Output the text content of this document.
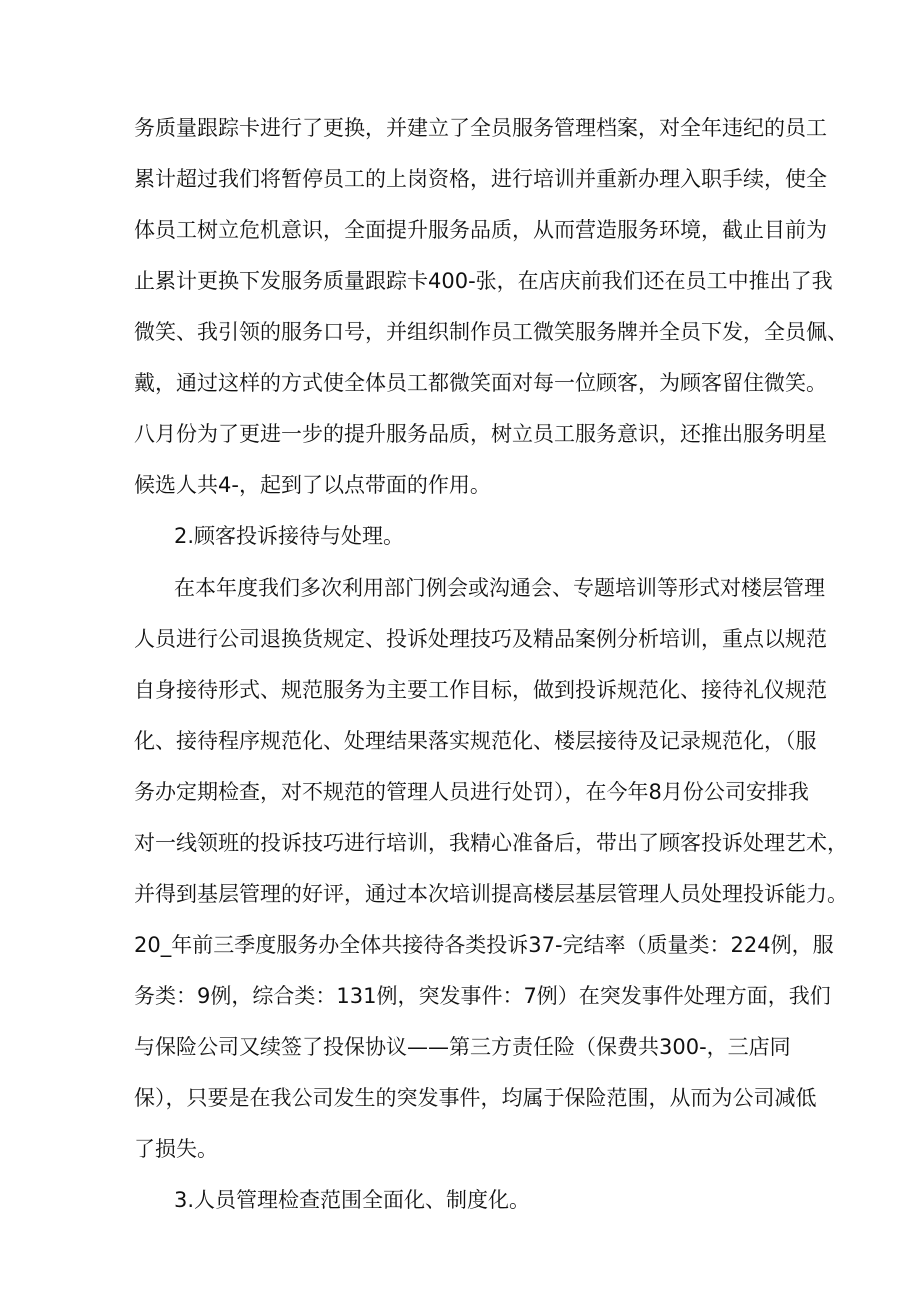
务质量跟踪卡进行了更换，并建立了全员服务管理档案，对全年违纪的员工
累计超过我们将暂停员工的上岗资格，进行培训并重新办理入职手续，使全
体员工树立危机意识，全面提升服务品质，从而营造服务环境，截止目前为
止累计更换下发服务质量跟踪卡400-张，在店庆前我们还在员工中推出了我
微笑、我引领的服务口号，并组织制作员工微笑服务牌并全员下发，全员佩、
戴，通过这样的方式使全体员工都微笑面对每一位顾客，为顾客留住微笑。
八月份为了更进一步的提升服务品质，树立员工服务意识，还推出服务明星
候选人共4-，起到了以点带面的作用。
2.顾客投诉接待与处理。
在本年度我们多次利用部门例会或沟通会、专题培训等形式对楼层管理
人员进行公司退换货规定、投诉处理技巧及精品案例分析培训，重点以规范
自身接待形式、规范服务为主要工作目标，做到投诉规范化、接待礼仪规范
化、接待程序规范化、处理结果落实规范化、楼层接待及记录规范化，（服
务办定期检查，对不规范的管理人员进行处罚），在今年8月份公司安排我
对一线领班的投诉技巧进行培训，我精心准备后，带出了顾客投诉处理艺术，
并得到基层管理的好评，通过本次培训提高楼层基层管理人员处理投诉能力。
20_年前三季度服务办全体共接待各类投诉37-完结率（质量类：224例，服
务类：9例，综合类：131例，突发事件：7例）在突发事件处理方面，我们
与保险公司又续签了投保协议——第三方责任险（保费共300-，三店同
保），只要是在我公司发生的突发事件，均属于保险范围，从而为公司减低
了损失。
3.人员管理检查范围全面化、制度化。
